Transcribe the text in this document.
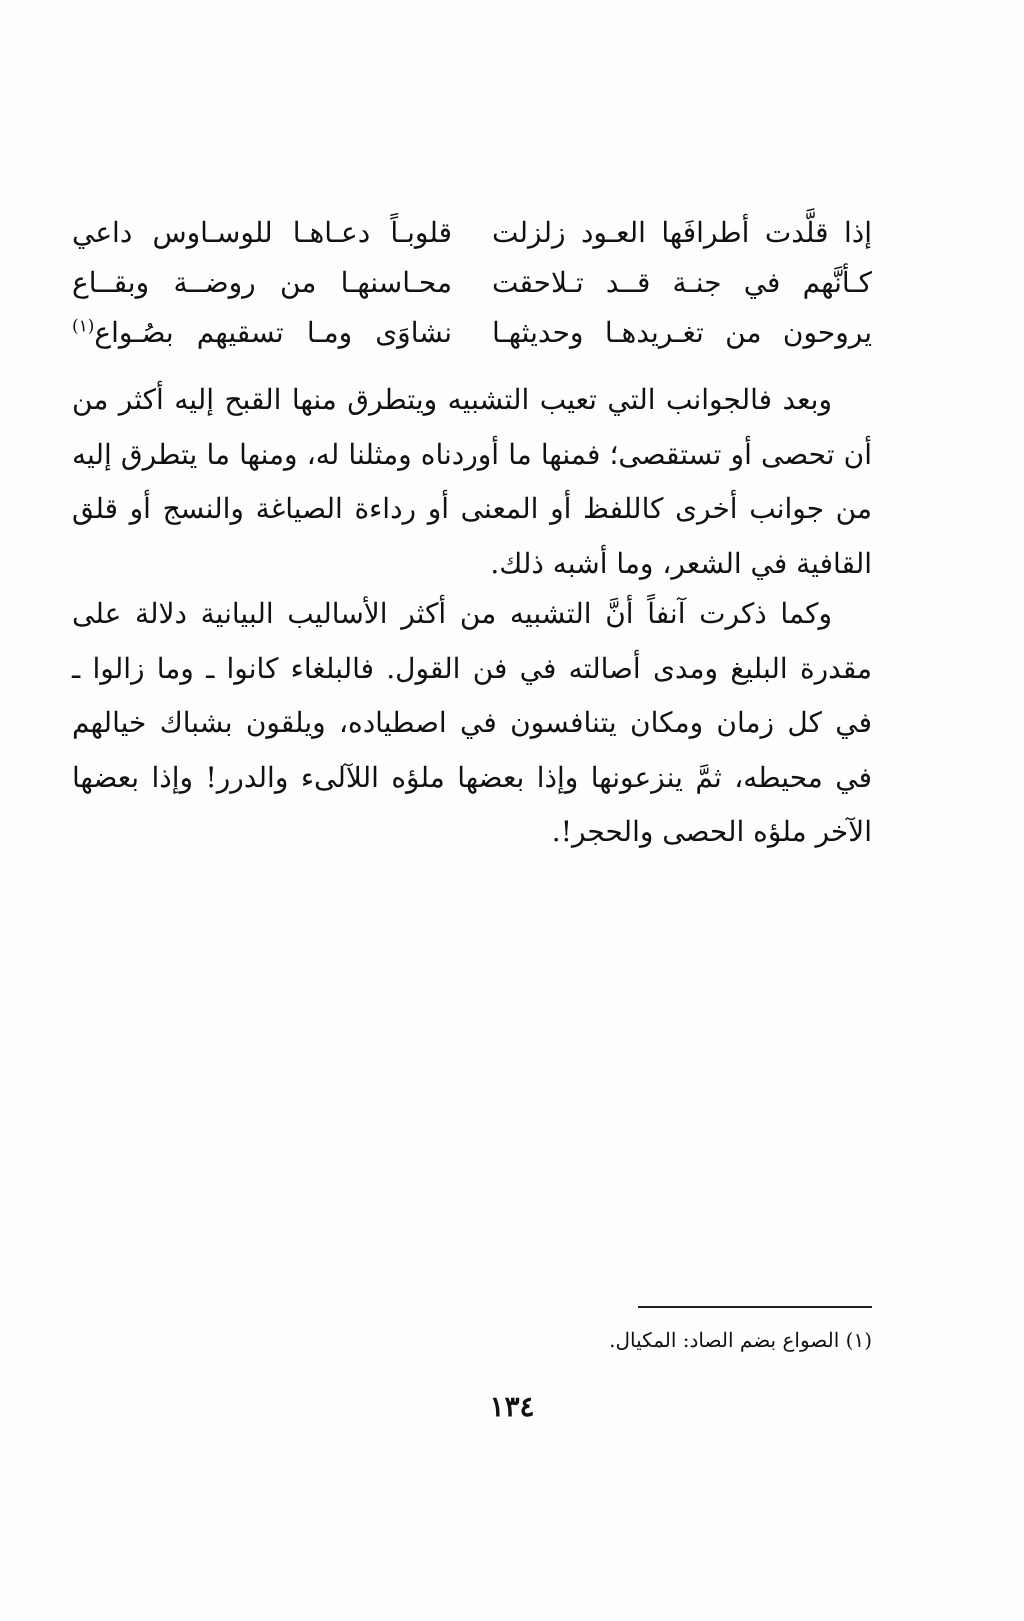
إذا قلَّدت أطرافَها العـود زلزلت
قلوبـاً دعـاهـا للوسـاوس داعي
كـأنَّهم في جنـة قــد تـلاحقت
محـاسنهـا من روضــة وبقــاع
يروحون من تغـريدهـا وحديثهـا
نشاوَى ومـا تسقيهم بصُـواع$^{(١)}$

وبعد فالجوانب التي تعيب التشبيه ويتطرق منها القبح إليه أكثر من أن تحصى أو تستقصى؛ فمنها ما أوردناه ومثلنا له، ومنها ما يتطرق إليه من جوانب أخرى كاللفظ أو المعنى أو رداءة الصياغة والنسج أو قلق القافية في الشعر، وما أشبه ذلك.

وكما ذكرت آنفاً أنَّ التشبيه من أكثر الأساليب البيانية دلالة على مقدرة البليغ ومدى أصالته في فن القول. فالبلغاء كانوا ـ وما زالوا ـ في كل زمان ومكان يتنافسون في اصطياده، ويلقون بشباك خيالهم في محيطه، ثمَّ ينزعونها وإذا بعضها ملؤه اللآلىء والدرر! وإذا بعضها الآخر ملؤه الحصى والحجر!.

(١) الصواع بضم الصاد: المكيال.
١٣٤
